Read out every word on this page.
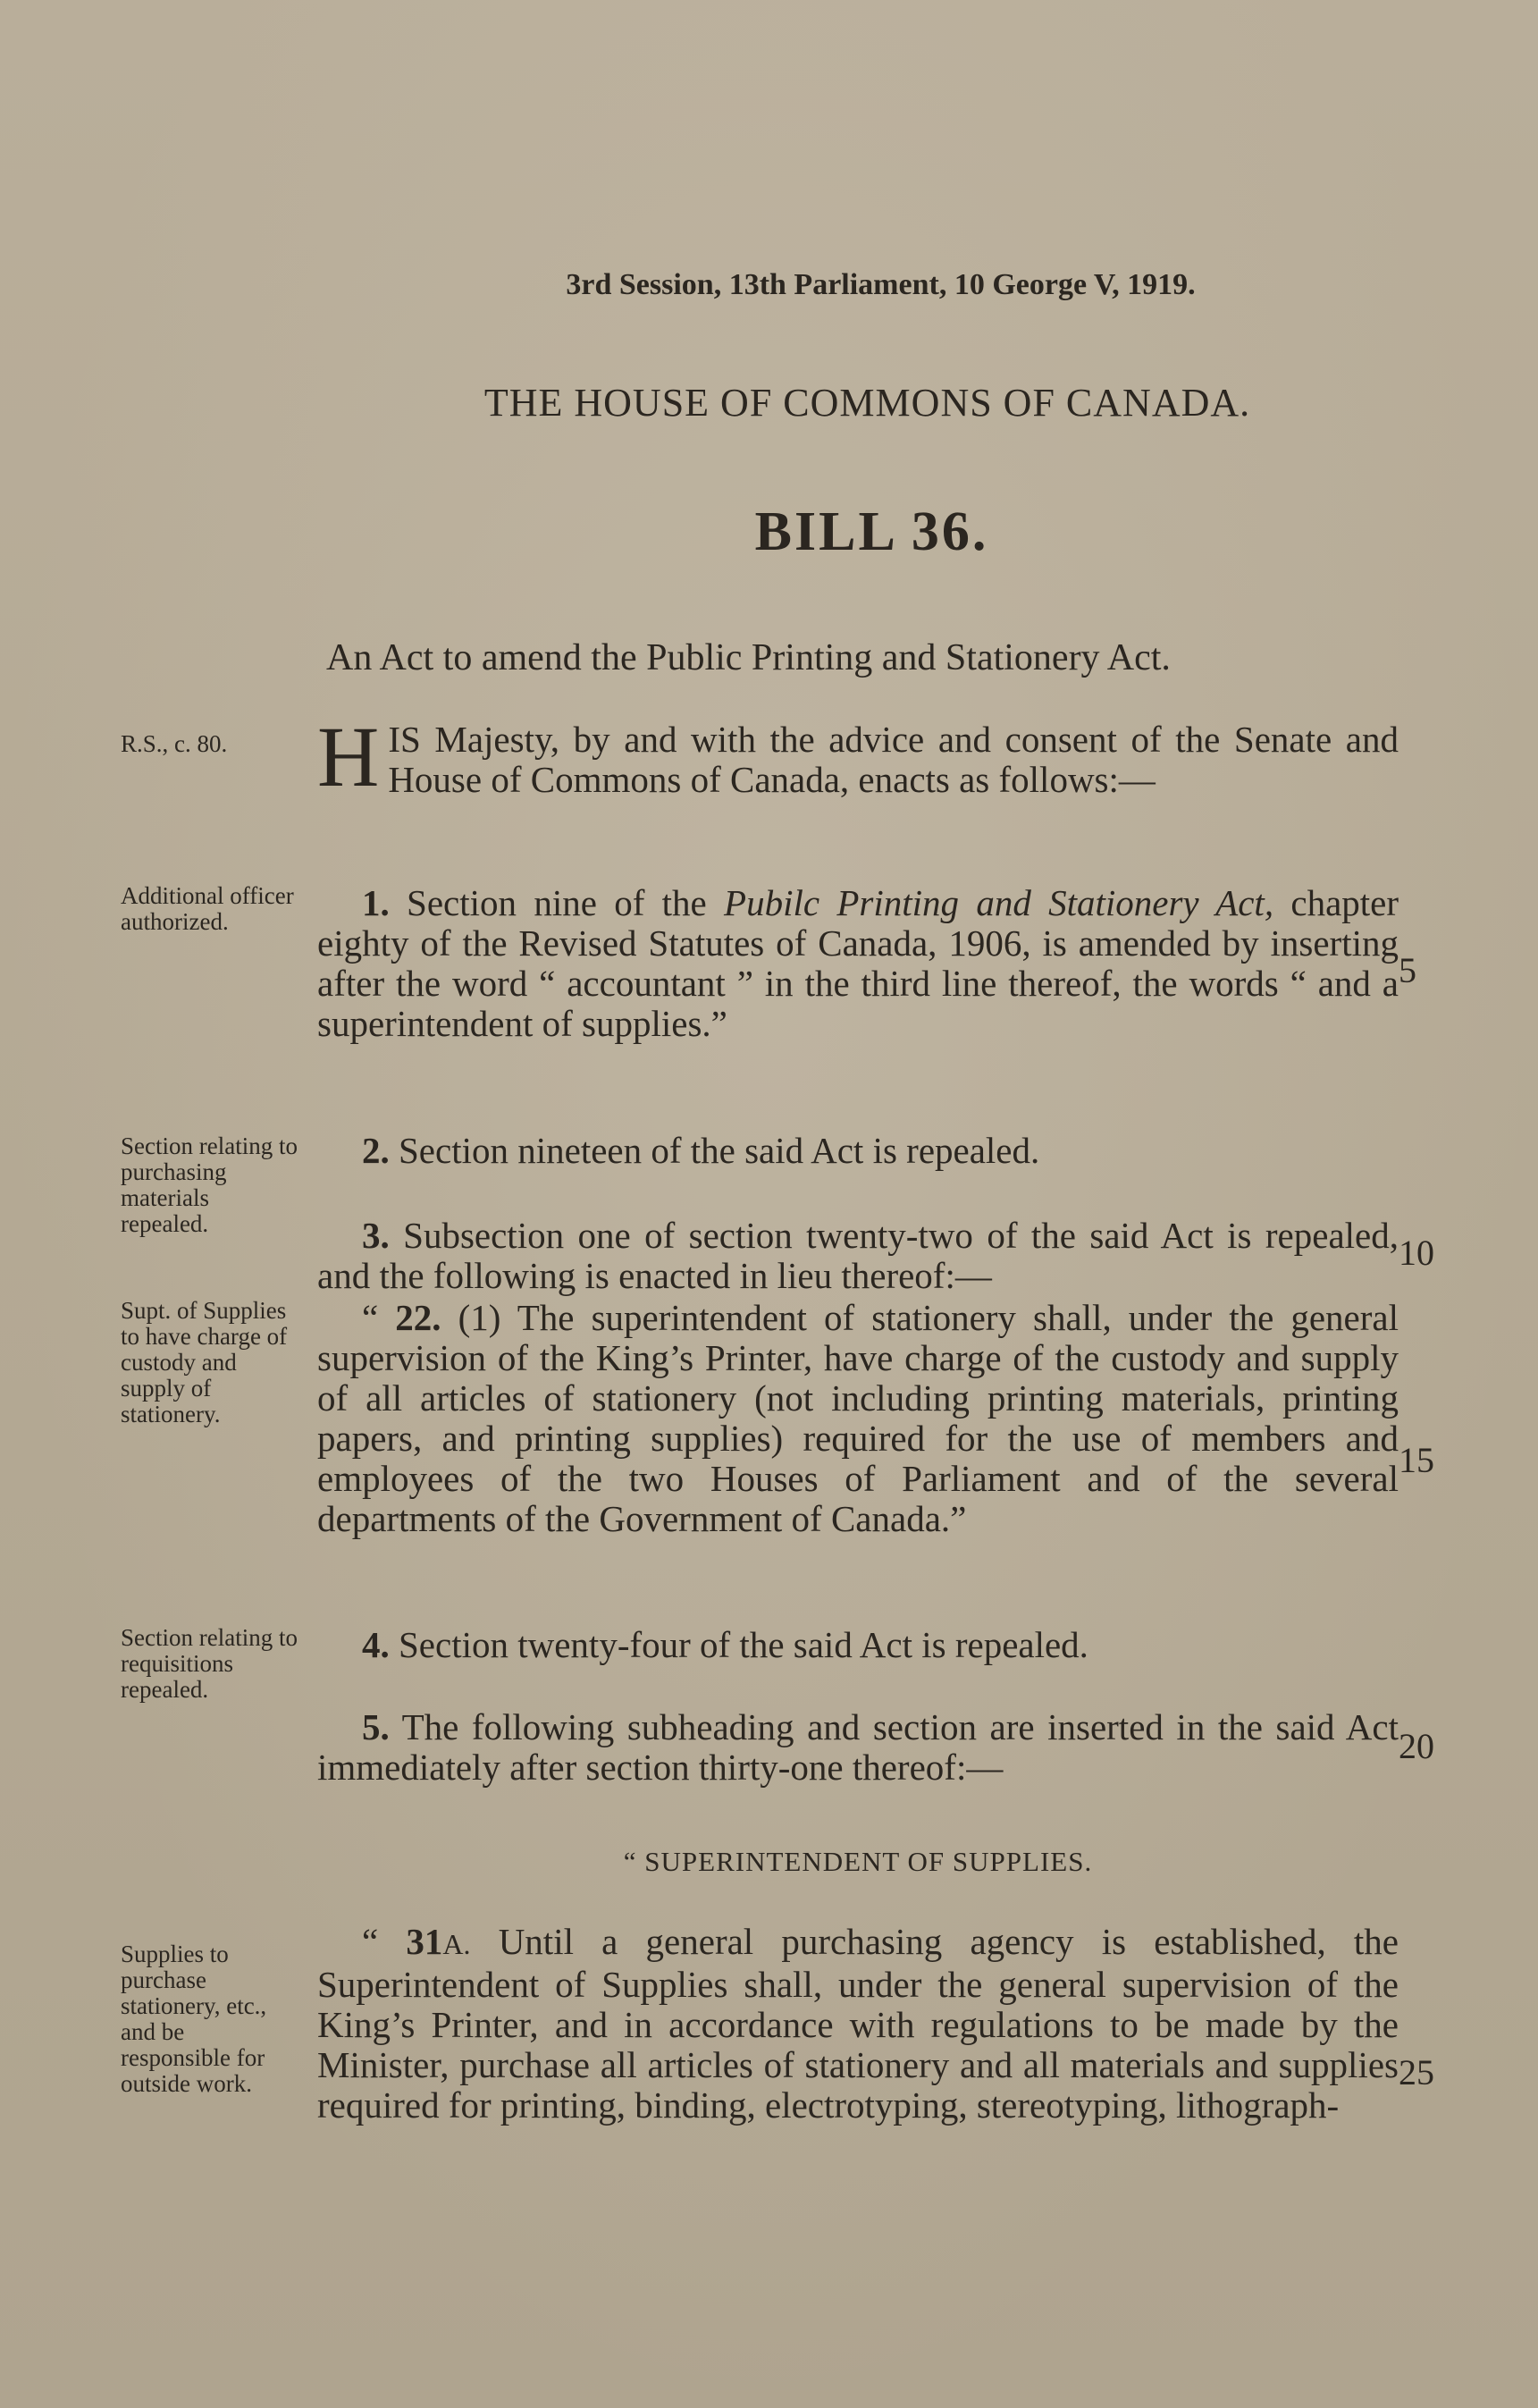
3rd Session, 13th Parliament, 10 George V, 1919.
THE HOUSE OF COMMONS OF CANADA.
BILL 36.
An Act to amend the Public Printing and Stationery Act.
R.S., c. 80.
Additional officer authorized.
Section relating to purchasing materials repealed.
Supt. of Supplies to have charge of custody and supply of stationery.
Section relating to requisitions repealed.
Supplies to purchase stationery, etc., and be responsible for outside work.
HIS Majesty, by and with the advice and consent of the Senate and House of Commons of Canada, enacts as follows:—
1. Section nine of the Pubilc Printing and Stationery Act, chapter eighty of the Revised Statutes of Canada, 1906, is amended by inserting after the word “ accountant ” in the third line thereof, the words “ and a superintendent of supplies.”
2. Section nineteen of the said Act is repealed.
3. Subsection one of section twenty-two of the said Act is repealed, and the following is enacted in lieu thereof:—
“ 22. (1) The superintendent of stationery shall, under the general supervision of the King’s Printer, have charge of the custody and supply of all articles of stationery (not including printing materials, printing papers, and printing supplies) required for the use of members and employees of the two Houses of Parliament and of the several departments of the Government of Canada.”
4. Section twenty-four of the said Act is repealed.
5. The following subheading and section are inserted in the said Act immediately after section thirty-one thereof:—
“ SUPERINTENDENT OF SUPPLIES.
“ 31A. Until a general purchasing agency is established, the Superintendent of Supplies shall, under the general supervision of the King’s Printer, and in accordance with regulations to be made by the Minister, purchase all articles of stationery and all materials and supplies required for printing, binding, electrotyping, stereotyping, lithograph-
5
10
15
20
25
